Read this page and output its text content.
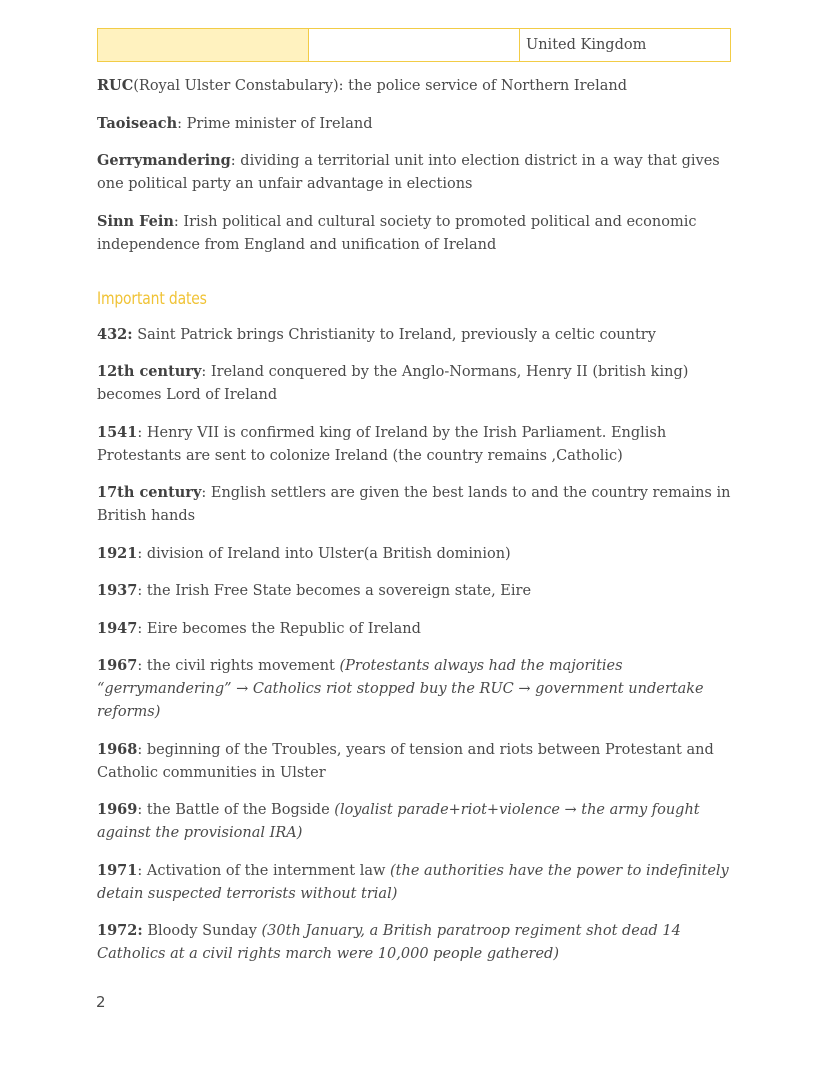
		United Kingdom

RUC(Royal Ulster Constabulary): the police service of Northern Ireland

Taoiseach: Prime minister of Ireland

Gerrymandering: dividing a territorial unit into election district in a way that gives one political party an unfair advantage in elections

Sinn Fein: Irish political and cultural society to promoted political and economic independence from England and unification of Ireland

Important dates

432: Saint Patrick brings Christianity to Ireland, previously a celtic country

12th century: Ireland conquered by the Anglo-Normans, Henry II (british king) becomes Lord of Ireland

1541: Henry VII is confirmed king of Ireland by the Irish Parliament. English Protestants are sent to colonize Ireland (the country remains ,Catholic)

17th century: English settlers are given the best lands to and the country remains in British hands

1921: division of Ireland into Ulster(a British dominion)

1937: the Irish Free State becomes a sovereign state, Eire

1947: Eire becomes the Republic of Ireland

1967: the civil rights movement (Protestants always had the majorities “gerrymandering” → Catholics riot stopped buy the RUC → government undertake reforms)

1968: beginning of the Troubles, years of tension and riots between Protestant and Catholic communities in Ulster

1969: the Battle of the Bogside (loyalist parade+riot+violence → the army fought against the provisional IRA)

1971: Activation of the internment law (the authorities have the power to indefinitely detain suspected terrorists without trial)

1972: Bloody Sunday (30th January, a British paratroop regiment shot dead 14 Catholics at a civil rights march were 10,000 people gathered)

2
